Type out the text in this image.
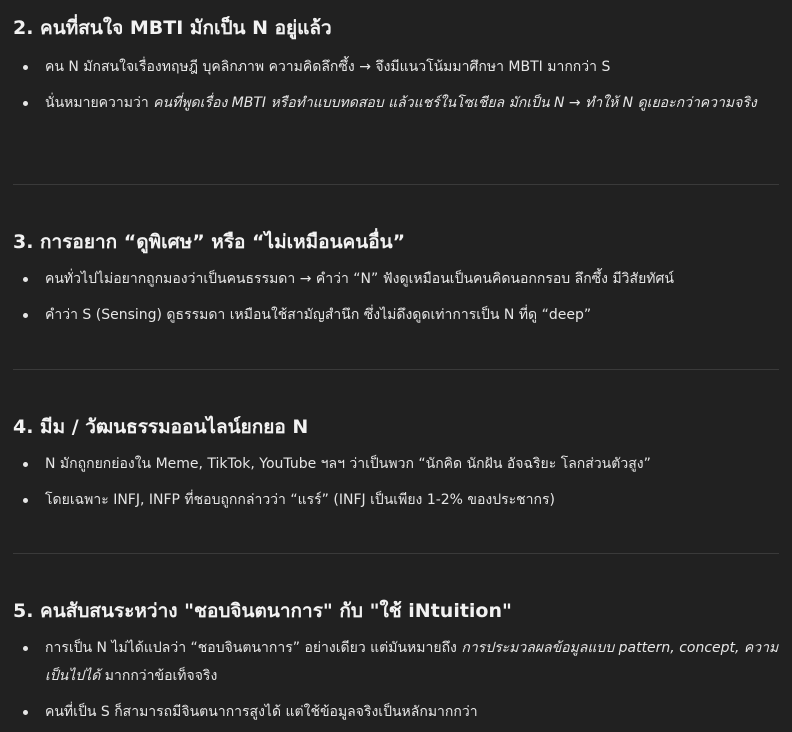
2. คนที่สนใจ MBTI มักเป็น N อยู่แล้ว
คน N มักสนใจเรื่องทฤษฎี บุคลิกภาพ ความคิดลึกซึ้ง → จึงมีแนวโน้มมาศึกษา MBTI มากกว่า S
นั่นหมายความว่า คนที่พูดเรื่อง MBTI หรือทำแบบทดสอบ แล้วแชร์ในโซเชียล มักเป็น N → ทำให้ N ดูเยอะกว่าความจริง
3. การอยาก “ดูพิเศษ” หรือ “ไม่เหมือนคนอื่น”
คนทั่วไปไม่อยากถูกมองว่าเป็นคนธรรมดา → คำว่า “N” ฟังดูเหมือนเป็นคนคิดนอกกรอบ ลึกซึ้ง มีวิสัยทัศน์
คำว่า S (Sensing) ดูธรรมดา เหมือนใช้สามัญสำนึก ซึ่งไม่ดึงดูดเท่าการเป็น N ที่ดู “deep”
4. มีม / วัฒนธรรมออนไลน์ยกยอ N
N มักถูกยกย่องใน Meme, TikTok, YouTube ฯลฯ ว่าเป็นพวก “นักคิด นักฝัน อัจฉริยะ โลกส่วนตัวสูง”
โดยเฉพาะ INFJ, INFP ที่ชอบถูกกล่าวว่า “แรร์” (INFJ เป็นเพียง 1-2% ของประชากร)
5. คนสับสนระหว่าง "ชอบจินตนาการ" กับ "ใช้ iNtuition"
การเป็น N ไม่ได้แปลว่า “ชอบจินตนาการ” อย่างเดียว แต่มันหมายถึง การประมวลผลข้อมูลแบบ pattern, concept, ความเป็นไปได้ มากกว่าข้อเท็จจริง
คนที่เป็น S ก็สามารถมีจินตนาการสูงได้ แต่ใช้ข้อมูลจริงเป็นหลักมากกว่า
